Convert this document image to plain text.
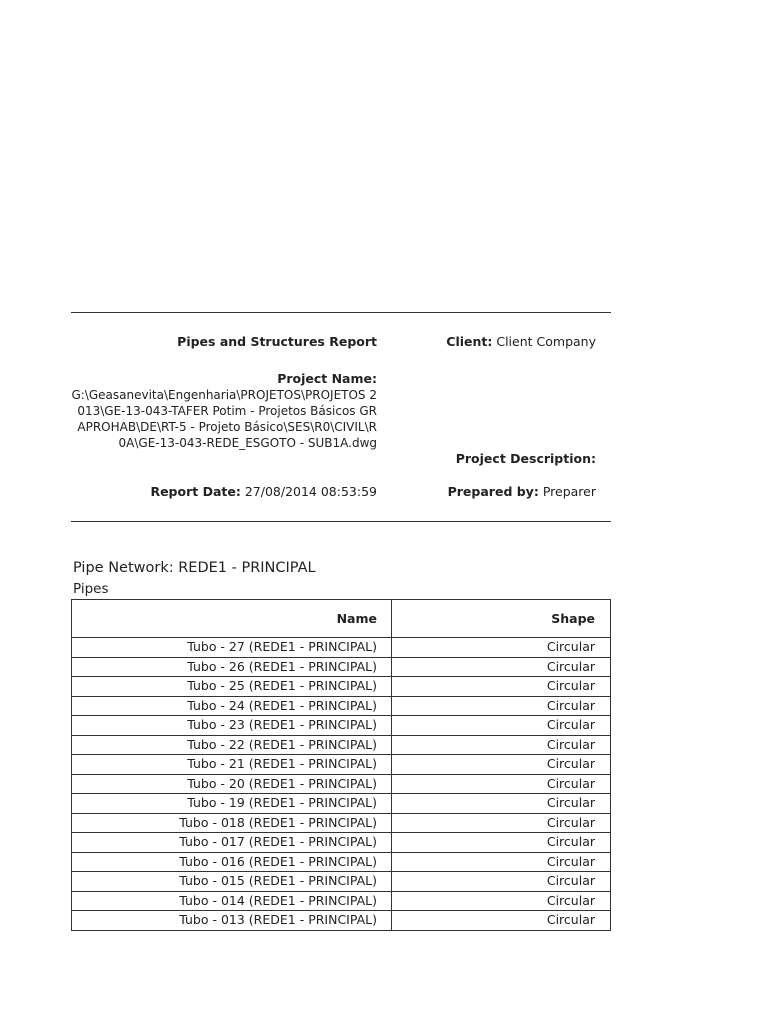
Pipes and Structures Report	Client: Client Company
Project Name:
G:\Geasanevita\Engenharia\PROJETOS\PROJETOS 2013\GE-13-043-TAFER Potim - Projetos Básicos GRAPROHAB\DE\RT-5 - Projeto Básico\SES\R0\CIVIL\R0A\GE-13-043-REDE_ESGOTO - SUB1A.dwg
Project Description:
Report Date: 27/08/2014 08:53:59	Prepared by: Preparer
Pipe Network: REDE1 - PRINCIPAL
Pipes
Name	Shape
Tubo - 27 (REDE1 - PRINCIPAL)	Circular
Tubo - 26 (REDE1 - PRINCIPAL)	Circular
Tubo - 25 (REDE1 - PRINCIPAL)	Circular
Tubo - 24 (REDE1 - PRINCIPAL)	Circular
Tubo - 23 (REDE1 - PRINCIPAL)	Circular
Tubo - 22 (REDE1 - PRINCIPAL)	Circular
Tubo - 21 (REDE1 - PRINCIPAL)	Circular
Tubo - 20 (REDE1 - PRINCIPAL)	Circular
Tubo - 19 (REDE1 - PRINCIPAL)	Circular
Tubo - 018 (REDE1 - PRINCIPAL)	Circular
Tubo - 017 (REDE1 - PRINCIPAL)	Circular
Tubo - 016 (REDE1 - PRINCIPAL)	Circular
Tubo - 015 (REDE1 - PRINCIPAL)	Circular
Tubo - 014 (REDE1 - PRINCIPAL)	Circular
Tubo - 013 (REDE1 - PRINCIPAL)	Circular
